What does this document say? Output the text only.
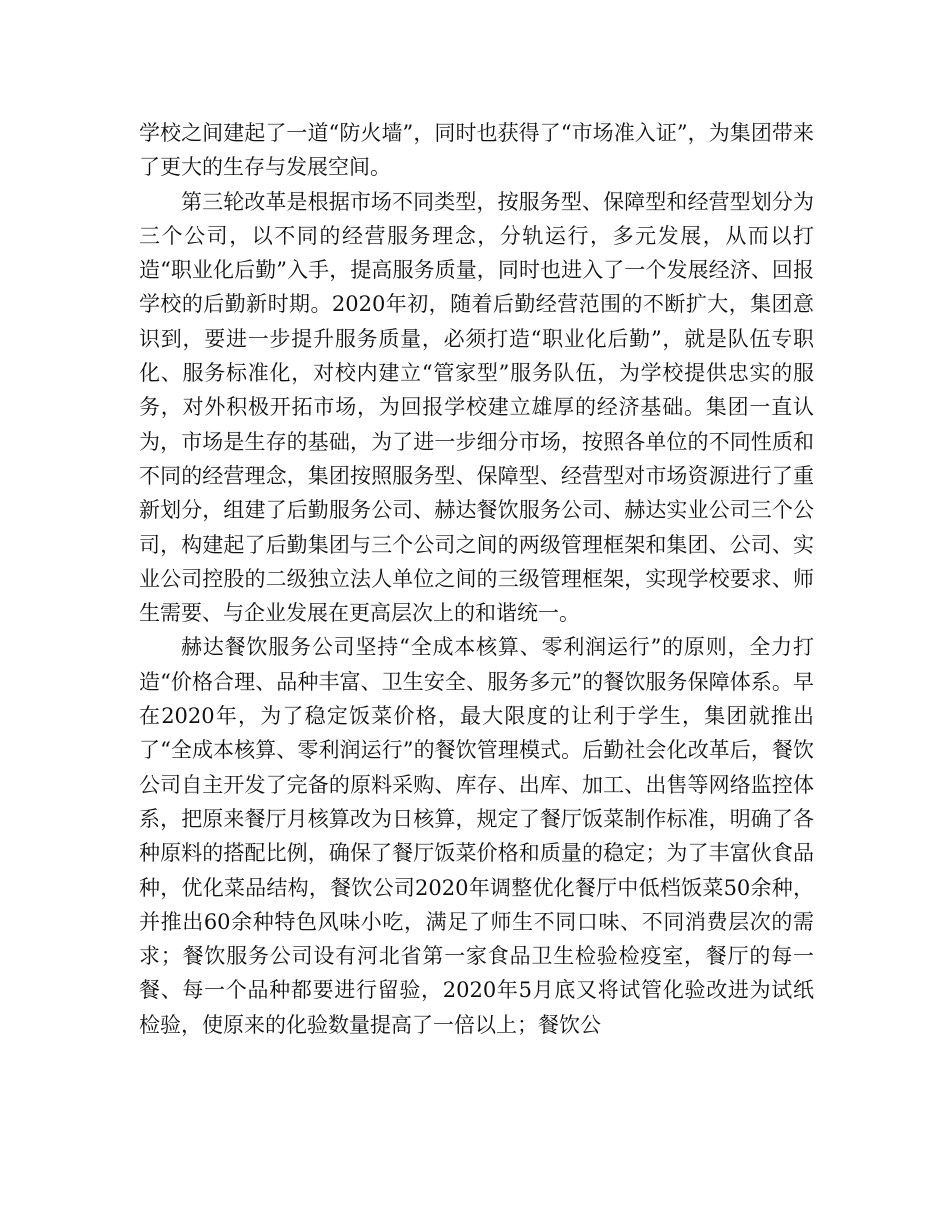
学校之间建起了一道“防火墙”，同时也获得了“市场准入证”，为集团带来了更大的生存与发展空间。

第三轮改革是根据市场不同类型，按服务型、保障型和经营型划分为三个公司，以不同的经营服务理念，分轨运行，多元发展，从而以打造“职业化后勤”入手，提高服务质量，同时也进入了一个发展经济、回报学校的后勤新时期。2020年初，随着后勤经营范围的不断扩大，集团意识到，要进一步提升服务质量，必须打造“职业化后勤”，就是队伍专职化、服务标准化，对校内建立“管家型”服务队伍，为学校提供忠实的服务，对外积极开拓市场，为回报学校建立雄厚的经济基础。集团一直认为，市场是生存的基础，为了进一步细分市场，按照各单位的不同性质和不同的经营理念，集团按照服务型、保障型、经营型对市场资源进行了重新划分，组建了后勤服务公司、赫达餐饮服务公司、赫达实业公司三个公司，构建起了后勤集团与三个公司之间的两级管理框架和集团、公司、实业公司控股的二级独立法人单位之间的三级管理框架，实现学校要求、师生需要、与企业发展在更高层次上的和谐统一。

赫达餐饮服务公司坚持“全成本核算、零利润运行”的原则，全力打造“价格合理、品种丰富、卫生安全、服务多元”的餐饮服务保障体系。早在2020年，为了稳定饭菜价格，最大限度的让利于学生，集团就推出了“全成本核算、零利润运行”的餐饮管理模式。后勤社会化改革后，餐饮公司自主开发了完备的原料采购、库存、出库、加工、出售等网络监控体系，把原来餐厅月核算改为日核算，规定了餐厅饭菜制作标准，明确了各种原料的搭配比例，确保了餐厅饭菜价格和质量的稳定；为了丰富伙食品种，优化菜品结构，餐饮公司2020年调整优化餐厅中低档饭菜50余种，并推出60余种特色风味小吃，满足了师生不同口味、不同消费层次的需求；餐饮服务公司设有河北省第一家食品卫生检验检疫室，餐厅的每一餐、每一个品种都要进行留验，2020年5月底又将试管化验改进为试纸检验，使原来的化验数量提高了一倍以上；餐饮公
